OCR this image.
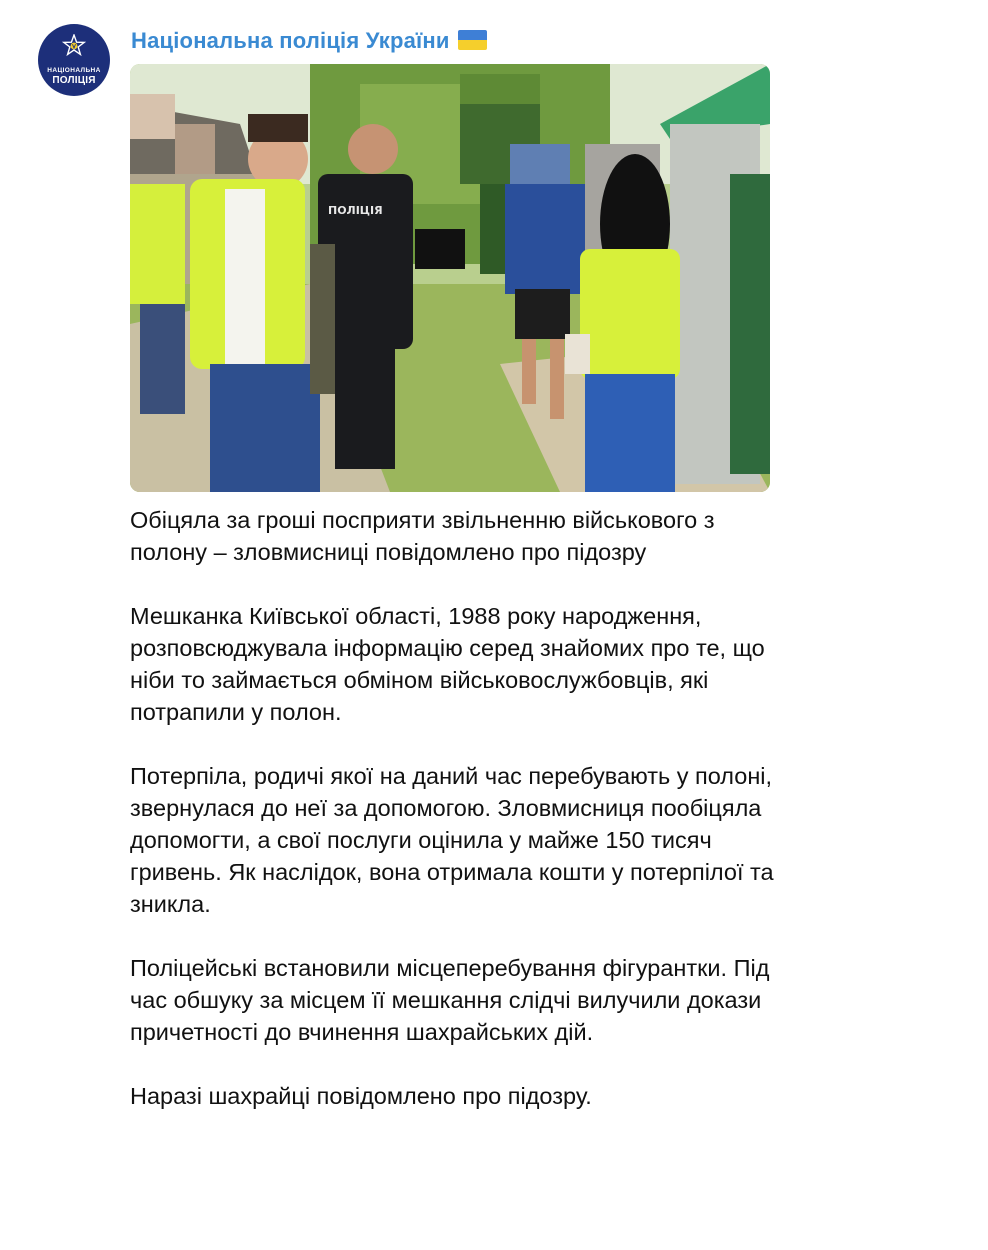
НАЦІОНАЛЬНА
ПОЛІЦІЯ
Національна поліція України
ПОЛІЦІЯ

Обіцяла за гроші посприяти звільненню військового з полону – зловмисниці повідомлено про підозру

Мешканка Київської області, 1988 року народження, розповсюджувала інформацію серед знайомих про те, що ніби то займається обміном військовослужбовців, які потрапили у полон.

Потерпіла, родичі якої на даний час перебувають у полоні, звернулася до неї за допомогою. Зловмисниця пообіцяла допомогти, а свої послуги оцінила у майже 150 тисяч гривень. Як наслідок, вона отримала кошти у потерпілої та зникла.

Поліцейські встановили місцеперебування фігурантки. Під час обшуку за місцем її мешкання слідчі вилучили докази причетності до вчинення шахрайських дій.

Наразі шахрайці повідомлено про підозру.
